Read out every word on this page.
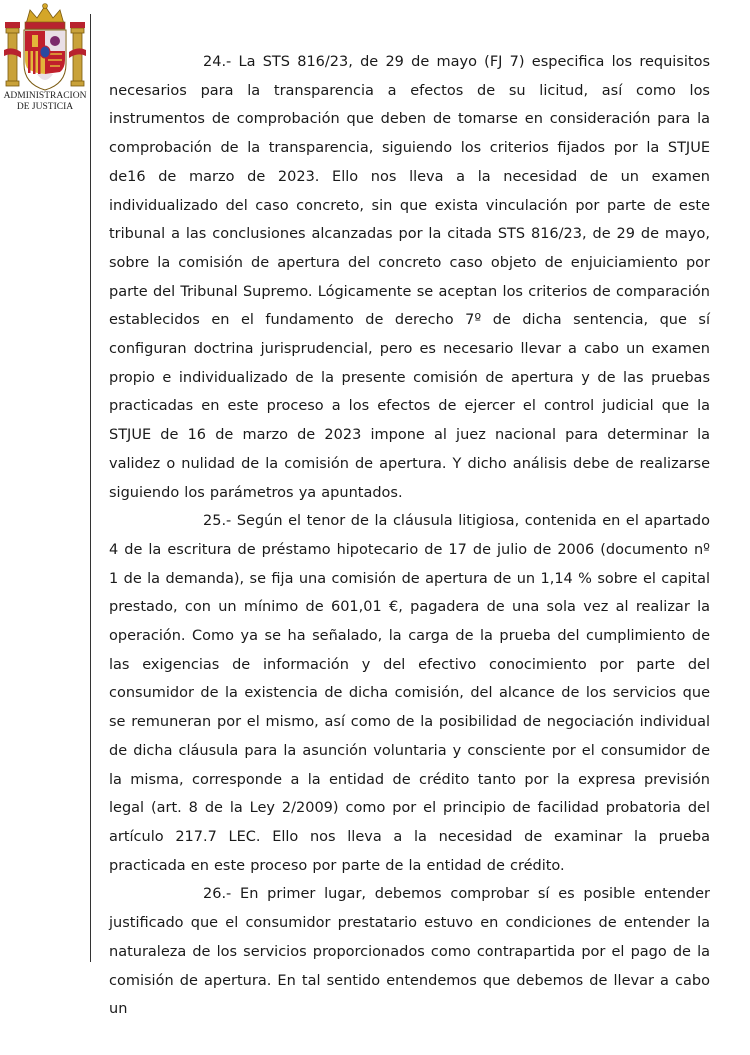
ADMINISTRACION
DE JUSTICIA

24.- La STS 816/23, de 29 de mayo (FJ 7) especifica los requisitos necesarios para la transparencia a efectos de su licitud, así como los instrumentos de comprobación que deben de tomarse en consideración para la comprobación de la transparencia, siguiendo los criterios fijados por la STJUE de16 de marzo de 2023. Ello nos lleva a la necesidad de un examen individualizado del caso concreto, sin que exista vinculación por parte de este tribunal a las conclusiones alcanzadas por la citada STS 816/23, de 29 de mayo, sobre la comisión de apertura del concreto caso objeto de enjuiciamiento por parte del Tribunal Supremo. Lógicamente se aceptan los criterios de comparación establecidos en el fundamento de derecho 7º de dicha sentencia, que sí configuran doctrina jurisprudencial, pero es necesario llevar a cabo un examen propio e individualizado de la presente comisión de apertura y de las pruebas practicadas en este proceso a los efectos de ejercer el control judicial que la STJUE de 16 de marzo de 2023 impone al juez nacional para determinar la validez o nulidad de la comisión de apertura. Y dicho análisis debe de realizarse siguiendo los parámetros ya apuntados.

25.- Según el tenor de la cláusula litigiosa, contenida en el apartado 4 de la escritura de préstamo hipotecario de 17 de julio de 2006 (documento nº 1 de la demanda), se fija una comisión de apertura de un 1,14 % sobre el capital prestado, con un mínimo de 601,01 €, pagadera de una sola vez al realizar la operación. Como ya se ha señalado, la carga de la prueba del cumplimiento de las exigencias de información y del efectivo conocimiento por parte del consumidor de la existencia de dicha comisión, del alcance de los servicios que se remuneran por el mismo, así como de la posibilidad de negociación individual de dicha cláusula para la asunción voluntaria y consciente por el consumidor de la misma, corresponde a la entidad de crédito tanto por la expresa previsión legal (art. 8 de la Ley 2/2009) como por el principio de facilidad probatoria del artículo 217.7 LEC. Ello nos lleva a la necesidad de examinar la prueba practicada en este proceso por parte de la entidad de crédito.

26.- En primer lugar, debemos comprobar sí es posible entender justificado que el consumidor prestatario estuvo en condiciones de entender la naturaleza de los servicios proporcionados como contrapartida por el pago de la comisión de apertura. En tal sentido entendemos que debemos de llevar a cabo un
